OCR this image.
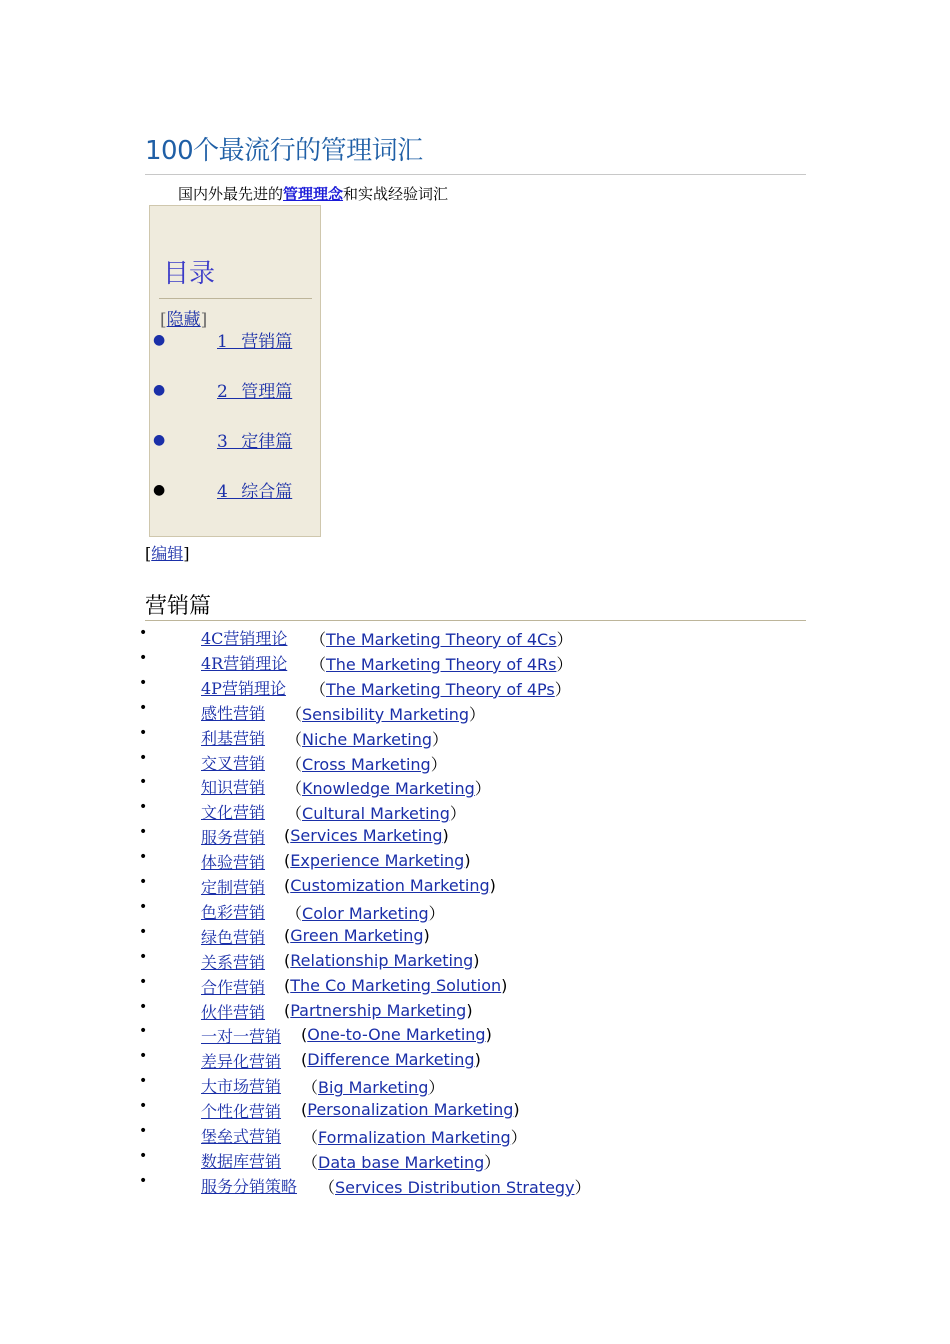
100个最流行的管理词汇
国内外最先进的管理理念和实战经验词汇
目录
[隐藏]
●	1 营销篇
●	2 管理篇
●	3 定律篇
●	4 综合篇
[编辑]
营销篇
•	4C营销理论 （The Marketing Theory of 4Cs）
•	4R营销理论 （The Marketing Theory of 4Rs）
•	4P营销理论 （The Marketing Theory of 4Ps）
•	感性营销 （Sensibility Marketing）
•	利基营销 （Niche Marketing）
•	交叉营销 （Cross Marketing）
•	知识营销 （Knowledge Marketing）
•	文化营销 （Cultural Marketing）
•	服务营销 (Services Marketing)
•	体验营销 (Experience Marketing)
•	定制营销 (Customization Marketing)
•	色彩营销 （Color Marketing）
•	绿色营销 (Green Marketing)
•	关系营销 (Relationship Marketing)
•	合作营销 (The Co Marketing Solution)
•	伙伴营销 (Partnership Marketing)
•	一对一营销 (One-to-One Marketing)
•	差异化营销 (Difference Marketing)
•	大市场营销 （Big Marketing）
•	个性化营销 (Personalization Marketing)
•	堡垒式营销 （Formalization Marketing）
•	数据库营销 （Data base Marketing）
•	服务分销策略 （Services Distribution Strategy）
